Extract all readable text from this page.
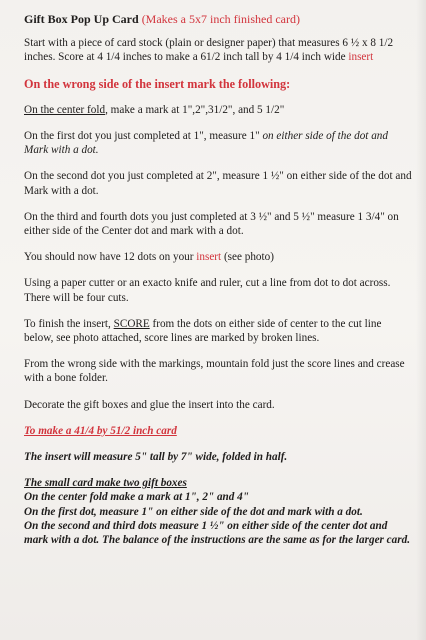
Gift Box Pop Up Card (Makes a 5x7 inch finished card)

Start with a piece of card stock (plain or designer paper) that measures 6 ½ x 8 1/2 inches. Score at 4 1/4 inches to make a 61/2 inch tall by 4 1/4 inch wide insert

On the wrong side of the insert mark the following:

On the center fold, make a mark at 1",2",31/2", and 5 1/2"

On the first dot you just completed at 1", measure 1" on either side of the dot and Mark with a dot.

On the second dot you just completed at 2", measure 1 ½" on either side of the dot and Mark with a dot.

On the third and fourth dots you just completed at 3 ½" and 5 ½" measure 1 3/4" on either side of the Center dot and mark with a dot.

You should now have 12 dots on your insert (see photo)

Using a paper cutter or an exacto knife and ruler, cut a line from dot to dot across. There will be four cuts.

To finish the insert, SCORE from the dots on either side of center to the cut line below, see photo attached, score lines are marked by broken lines.

From the wrong side with the markings, mountain fold just the score lines and crease with a bone folder.

Decorate the gift boxes and glue the insert into the card.

To make a 41/4 by 51/2 inch card

The insert will measure 5" tall by 7" wide, folded in half.

The small card make two gift boxes

On the center fold make a mark at 1", 2" and 4"

On the first dot, measure 1" on either side of the dot and mark with a dot.

On the second and third dots measure 1 ½" on either side of the center dot and mark with a dot. The balance of the instructions are the same as for the larger card.
